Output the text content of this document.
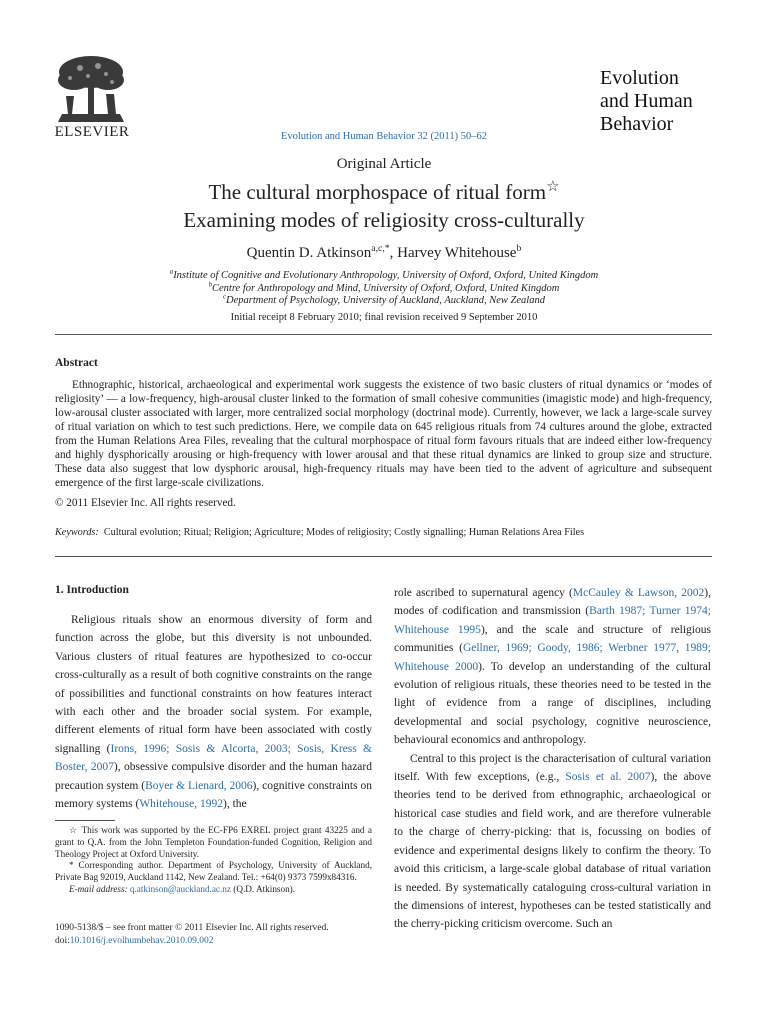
ELSEVIER	Evolution and Human Behavior 32 (2011) 50–62
Evolution
and Human
Behavior
Original Article
The cultural morphospace of ritual form☆
Examining modes of religiosity cross-culturally
Quentin D. Atkinson$^{a,c,*}$, Harvey Whitehouse$^b$
$^a$Institute of Cognitive and Evolutionary Anthropology, University of Oxford, Oxford, United Kingdom
$^b$Centre for Anthropology and Mind, University of Oxford, Oxford, United Kingdom
$^c$Department of Psychology, University of Auckland, Auckland, New Zealand
Initial receipt 8 February 2010; final revision received 9 September 2010
Abstract
Ethnographic, historical, archaeological and experimental work suggests the existence of two basic clusters of ritual dynamics or ‘modes of religiosity’ — a low-frequency, high-arousal cluster linked to the formation of small cohesive communities (imagistic mode) and high-frequency, low-arousal cluster associated with larger, more centralized social morphology (doctrinal mode). Currently, however, we lack a large-scale survey of ritual variation on which to test such predictions. Here, we compile data on 645 religious rituals from 74 cultures around the globe, extracted from the Human Relations Area Files, revealing that the cultural morphospace of ritual form favours rituals that are indeed either low-frequency and highly dysphorically arousing or high-frequency with lower arousal and that these ritual dynamics are linked to group size and structure. These data also suggest that low dysphoric arousal, high-frequency rituals may have been tied to the advent of agriculture and subsequent emergence of the first large-scale civilizations.
© 2011 Elsevier Inc. All rights reserved.
Keywords: Cultural evolution; Ritual; Religion; Agriculture; Modes of religiosity; Costly signalling; Human Relations Area Files
1. Introduction

Religious rituals show an enormous diversity of form and function across the globe, but this diversity is not unbounded. Various clusters of ritual features are hypothesized to co-occur cross-culturally as a result of both cognitive constraints on the range of possibilities and functional constraints on how features interact with each other and the broader social system. For example, different elements of ritual form have been associated with costly signalling (Irons, 1996; Sosis & Alcorta, 2003; Sosis, Kress & Boster, 2007), obsessive compulsive disorder and the human hazard precaution system (Boyer & Lienard, 2006), cognitive constraints on memory systems (Whitehouse, 1992), the

role ascribed to supernatural agency (McCauley & Lawson, 2002), modes of codification and transmission (Barth 1987; Turner 1974; Whitehouse 1995), and the scale and structure of religious communities (Gellner, 1969; Goody, 1986; Werbner 1977, 1989; Whitehouse 2000). To develop an understanding of the cultural evolution of religious rituals, these theories need to be tested in the light of evidence from a range of disciplines, including developmental and social psychology, cognitive neuroscience, behavioural economics and anthropology.

Central to this project is the characterisation of cultural variation itself. With few exceptions, (e.g., Sosis et al. 2007), the above theories tend to be derived from ethnographic, archaeological or historical case studies and field work, and are therefore vulnerable to the charge of cherry-picking: that is, focussing on bodies of evidence and experimental designs likely to confirm the theory. To avoid this criticism, a large-scale global database of ritual variation is needed. By systematically cataloguing cross-cultural variation in the dimensions of interest, hypotheses can be tested statistically and the cherry-picking criticism overcome. Such an

☆ This work was supported by the EC-FP6 EXREL project grant 43225 and a grant to Q.A. from the John Templeton Foundation-funded Cognition, Religion and Theology Project at Oxford University.
* Corresponding author. Department of Psychology, University of Auckland, Private Bag 92019, Auckland 1142, New Zealand. Tel.: +64(0) 9373 7599x84316.
E-mail address: q.atkinson@auckland.ac.nz (Q.D. Atkinson).
1090-5138/$ – see front matter © 2011 Elsevier Inc. All rights reserved.
doi:10.1016/j.evolhumbehav.2010.09.002
